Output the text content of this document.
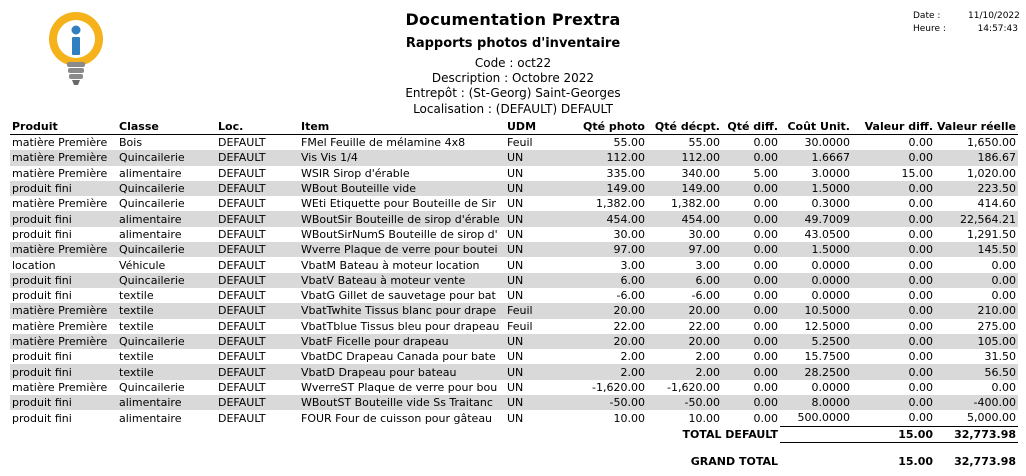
Documentation Prextra
Rapports photos d'inventaire
Code : oct22
Description : Octobre 2022
Entrepôt : (St-Georg) Saint-Georges
Localisation : (DEFAULT) DEFAULT
Date :	11/10/2022
Heure :	14:57:43
Produit	Classe	Loc.	Item	UDM	Qté photo	Qté décpt.	Qté diff.	Coût Unit.	Valeur diff.	Valeur réelle
matière Première	Bois	DEFAULT	FMel Feuille de mélamine 4x8	Feuil	55.00	55.00	0.00	30.0000	0.00	1,650.00
matière Première	Quincailerie	DEFAULT	Vis Vis 1/4	UN	112.00	112.00	0.00	1.6667	0.00	186.67
matière Première	alimentaire	DEFAULT	WSIR Sirop d'érable	UN	335.00	340.00	5.00	3.0000	15.00	1,020.00
produit fini	Quincailerie	DEFAULT	WBout Bouteille vide	UN	149.00	149.00	0.00	1.5000	0.00	223.50
matière Première	Quincailerie	DEFAULT	WEti Etiquette pour Bouteille de Sir	UN	1,382.00	1,382.00	0.00	0.3000	0.00	414.60
produit fini	alimentaire	DEFAULT	WBoutSir Bouteille de sirop d'érable	UN	454.00	454.00	0.00	49.7009	0.00	22,564.21
produit fini	alimentaire	DEFAULT	WBoutSirNumS Bouteille de sirop d'	UN	30.00	30.00	0.00	43.0500	0.00	1,291.50
matière Première	Quincailerie	DEFAULT	Wverre Plaque de verre pour boutei	UN	97.00	97.00	0.00	1.5000	0.00	145.50
location	Véhicule	DEFAULT	VbatM Bateau à moteur location	UN	3.00	3.00	0.00	0.0000	0.00	0.00
produit fini	Quincailerie	DEFAULT	VbatV Bateau à moteur vente	UN	6.00	6.00	0.00	0.0000	0.00	0.00
produit fini	textile	DEFAULT	VbatG Gillet de sauvetage pour bat	UN	-6.00	-6.00	0.00	0.0000	0.00	0.00
matière Première	textile	DEFAULT	VbatTwhite Tissus blanc pour drape	Feuil	20.00	20.00	0.00	10.5000	0.00	210.00
matière Première	textile	DEFAULT	VbatTblue Tissus bleu pour drapeau	Feuil	22.00	22.00	0.00	12.5000	0.00	275.00
matière Première	Quincailerie	DEFAULT	VbatF Ficelle pour drapeau	UN	20.00	20.00	0.00	5.2500	0.00	105.00
produit fini	textile	DEFAULT	VbatDC Drapeau Canada pour bate	UN	2.00	2.00	0.00	15.7500	0.00	31.50
produit fini	textile	DEFAULT	VbatD Drapeau pour bateau	UN	2.00	2.00	0.00	28.2500	0.00	56.50
matière Première	Quincailerie	DEFAULT	WverreST Plaque de verre pour bou	UN	-1,620.00	-1,620.00	0.00	0.0000	0.00	0.00
produit fini	alimentaire	DEFAULT	WBoutST Bouteille vide Ss Traitanc	UN	-50.00	-50.00	0.00	8.0000	0.00	-400.00
produit fini	alimentaire	DEFAULT	FOUR Four de cuisson pour gâteau	UN	10.00	10.00	0.00	500.0000	0.00	5,000.00
						TOTAL DEFAULT			15.00	32,773.98
						GRAND TOTAL			15.00	32,773.98
